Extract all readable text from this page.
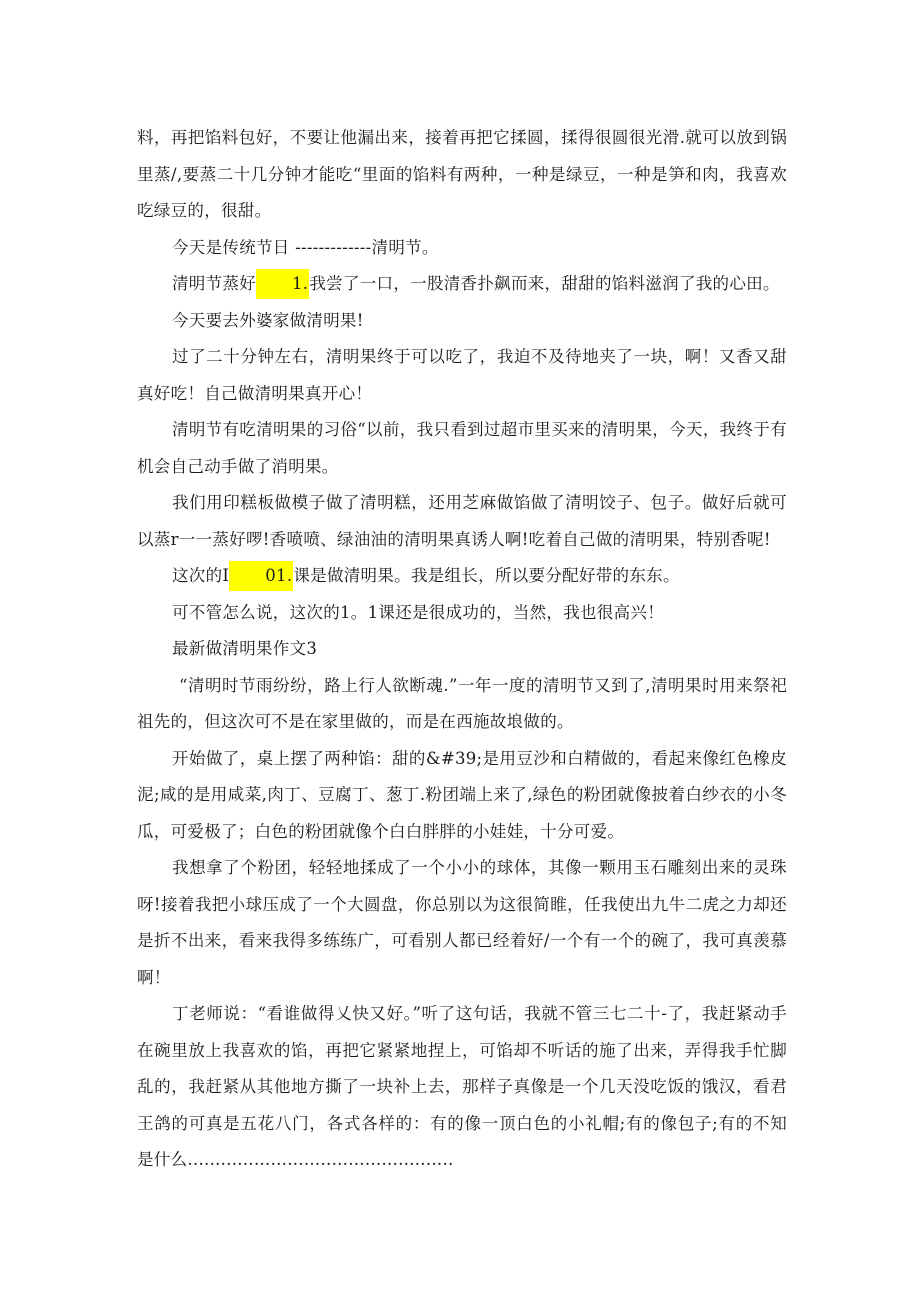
料，再把馅料包好，不要让他漏出来，接着再把它揉圆，揉得很圆很光滑.就可以放到锅里蒸/,要蒸二十几分钟才能吃“里面的馅料有两种，一种是绿豆，一种是笋和肉，我喜欢吃绿豆的，很甜。

今天是传统节日 -------------清明节。

清明节蒸好 1.我尝了一口，一股清香扑飙而来，甜甜的馅料滋润了我的心田。

今天要去外婆家做清明果!

过了二十分钟左右，清明果终于可以吃了，我迫不及待地夹了一块，啊！又香又甜真好吃！自己做清明果真开心！

清明节有吃清明果的习俗“以前，我只看到过超市里买来的清明果，今天，我终于有机会自己动手做了消明果。

我们用印糕板做模子做了清明糕，还用芝麻做馅做了清明饺子、包子。做好后就可以蒸r一一蒸好啰!香喷喷、绿油油的清明果真诱人啊!吃着自己做的清明果，特别香呢!

这次的I 01.课是做清明果。我是组长，所以要分配好带的东东。

可不管怎么说，这次的1。1课还是很成功的，当然，我也很高兴！

最新做清明果作文3

“清明时节雨纷纷，路上行人欲断魂.”一年一度的清明节又到了,清明果时用来祭祀祖先的，但这次可不是在家里做的，而是在西施故埌做的。

开始做了，桌上摆了两种馅：甜的&#39;是用豆沙和白精做的，看起来像红色橡皮泥;咸的是用咸菜,肉丁、豆腐丁、葱丁.粉团端上来了,绿色的粉团就像披着白纱衣的小冬瓜，可爱极了；白色的粉团就像个白白胖胖的小娃娃，十分可爱。

我想拿了个粉团，轻轻地揉成了一个小小的球体，其像一颗用玉石雕刻出来的灵珠呀!接着我把小球压成了一个大圆盘，你总别以为这很简睢，任我使出九牛二虎之力却还是折不出来，看来我得多练练广，可看别人都已经着好/一个有一个的碗了，我可真羡慕啊！

丁老师说：“看谁做得乂快又好。”听了这句话，我就不管三七二十-了，我赶紧动手在碗里放上我喜欢的馅，再把它紧紧地捏上，可馅却不听话的施了出来，弄得我手忙脚乱的，我赶紧从其他地方撕了一块补上去，那样子真像是一个几天没吃饭的饿汉，看君王鸽的可真是五花八门，各式各样的：有的像一顶白色的小礼帽;有的像包子;有的不知是什么................................................
